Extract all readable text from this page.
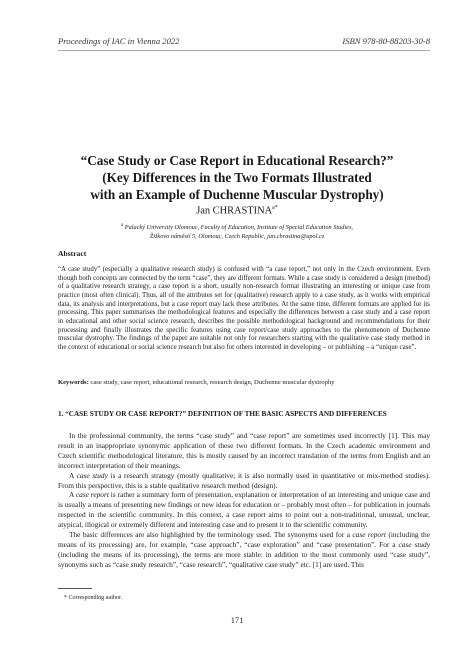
Proceedings of IAC in Vienna 2022	ISBN 978-80-88203-30-8
“Case Study or Case Report in Educational Research?”
(Key Differences in the Two Formats Illustrated
with an Example of Duchenne Muscular Dystrophy)
Jan $CHRASTINA^{a*}$
$^a$ Palacký University Olomouc, Faculty of Education, Institute of Special Education Studies,
Žižkovo náměstí 5, Olomouc, Czech Republic, jan.chrastina@upol.cz
Abstract
“A case study” (especially a qualitative research study) is confused with “a case report,” not only in the Czech environment. Even though both concepts are connected by the term “case”, they are different formats. While a case study is considered a design (method) of a qualitative research strategy, a case report is a short, usually non-research format illustrating an interesting or unique case from practice (most often clinical). Thus, all of the attributes set for (qualitative) research apply to a case study, as it works with empirical data, its analysis and interpretations, but a case report may lack these attributes. At the same time, different formats are applied for its processing. This paper summarises the methodological features and especially the differences between a case study and a case report in educational and other social science research, describes the possible methodological background and recommendations for their processing and finally illustrates the specific features using case report/case study approaches to the phenomenon of Duchenne muscular dystrophy. The findings of the paper are suitable not only for researchers starting with the qualitative case study method in the context of educational or social science research but also for others interested in developing – or publishing – a “unique case”.
Keywords: case study, case report, educational research, research design, Duchenne muscular dystrophy
1. “CASE STUDY OR CASE REPORT?” DEFINITION OF THE BASIC ASPECTS AND DIFFERENCES

In the professional community, the terms “case study” and “case report” are sometimes used incorrectly [1]. This may result in an inappropriate synonymic application of these two different formats. In the Czech academic environment and Czech scientific methodological literature, this is mostly caused by an incorrect translation of the terms from English and an incorrect interpretation of their meanings.

A case study is a research strategy (mostly qualitative; it is also normally used in quantitative or mix-method studies). From this perspective, this is a stable qualitative research method (design).

A case report is rather a summary form of presentation, explanation or interpretation of an interesting and unique case and is usually a means of presenting new findings or new ideas for education or – probably most often – for publication in journals respected in the scientific community. In this context, a case report aims to point out a non-traditional, unusual, unclear, atypical, illogical or extremely different and interesting case and to present it to the scientific community.

The basic differences are also highlighted by the terminology used. The synonyms used for a case report (including the means of its processing) are, for example, “case approach”, “case exploration” and “case presentation”. For a case study (including the means of its processing), the terms are more stable: in addition to the most commonly used “case study”, synonyms such as “case study research”, “case research”, “qualitative case study” etc. [1] are used. This

* Corresponding author.
171
